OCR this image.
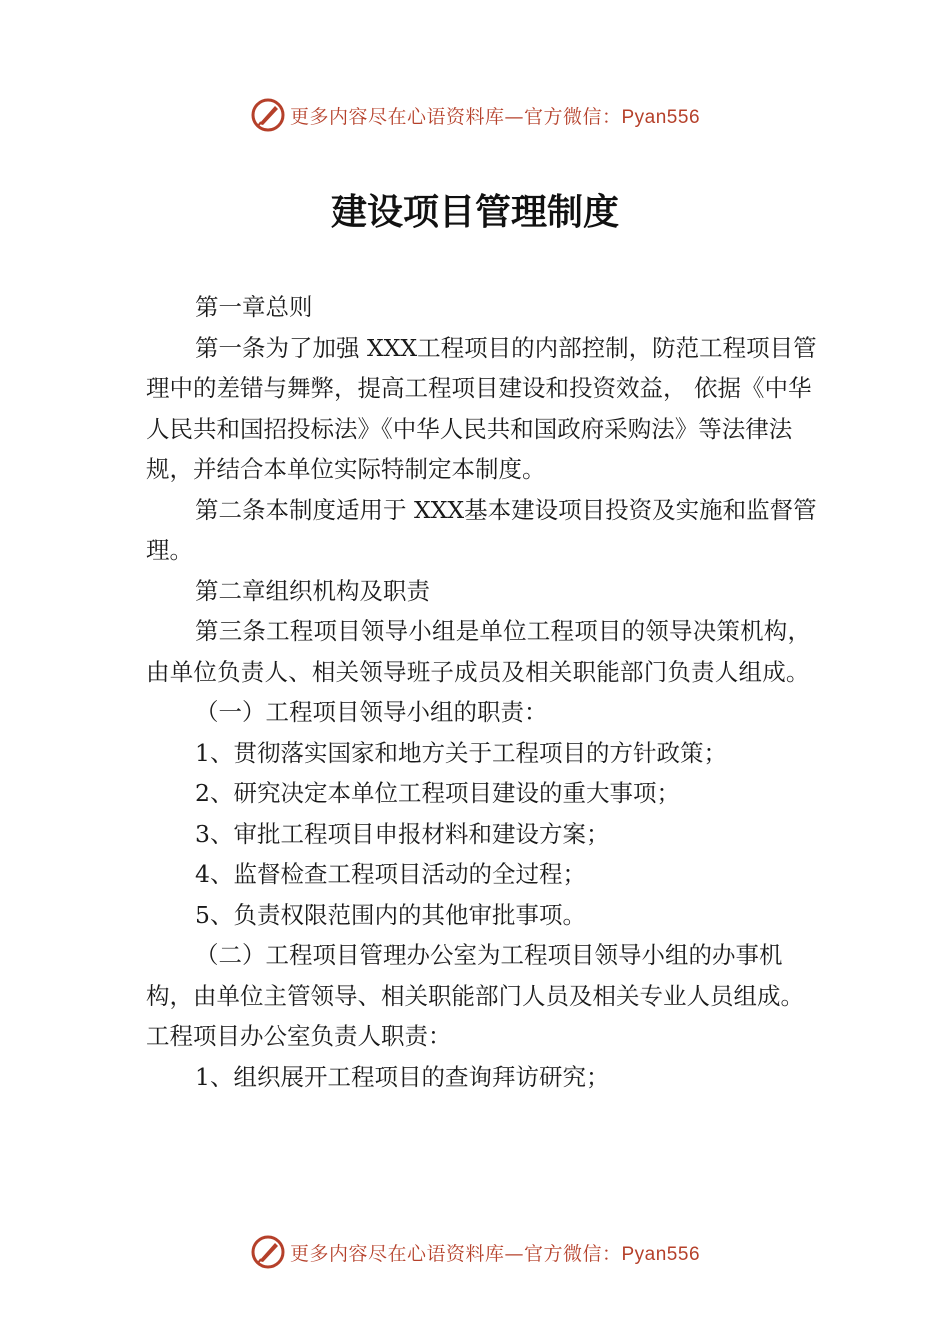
更多内容尽在心语资料库—官方微信：Pyan556
建设项目管理制度

第一章总则

第一条为了加强 XXX工程项目的内部控制，防范工程项目管理中的差错与舞弊，提高工程项目建设和投资效益， 依据《中华人民共和国招投标法》《中华人民共和国政府采购法》等法律法规，并结合本单位实际特制定本制度。

第二条本制度适用于 XXX基本建设项目投资及实施和监督管理。

第二章组织机构及职责

第三条工程项目领导小组是单位工程项目的领导决策机构，由单位负责人、相关领导班子成员及相关职能部门负责人组成。

（一）工程项目领导小组的职责：

1、贯彻落实国家和地方关于工程项目的方针政策；

2、研究决定本单位工程项目建设的重大事项；

3、审批工程项目申报材料和建设方案；

4、监督检查工程项目活动的全过程；

5、负责权限范围内的其他审批事项。

（二）工程项目管理办公室为工程项目领导小组的办事机构，由单位主管领导、相关职能部门人员及相关专业人员组成。工程项目办公室负责人职责：

1、组织展开工程项目的查询拜访研究；

更多内容尽在心语资料库—官方微信：Pyan556
